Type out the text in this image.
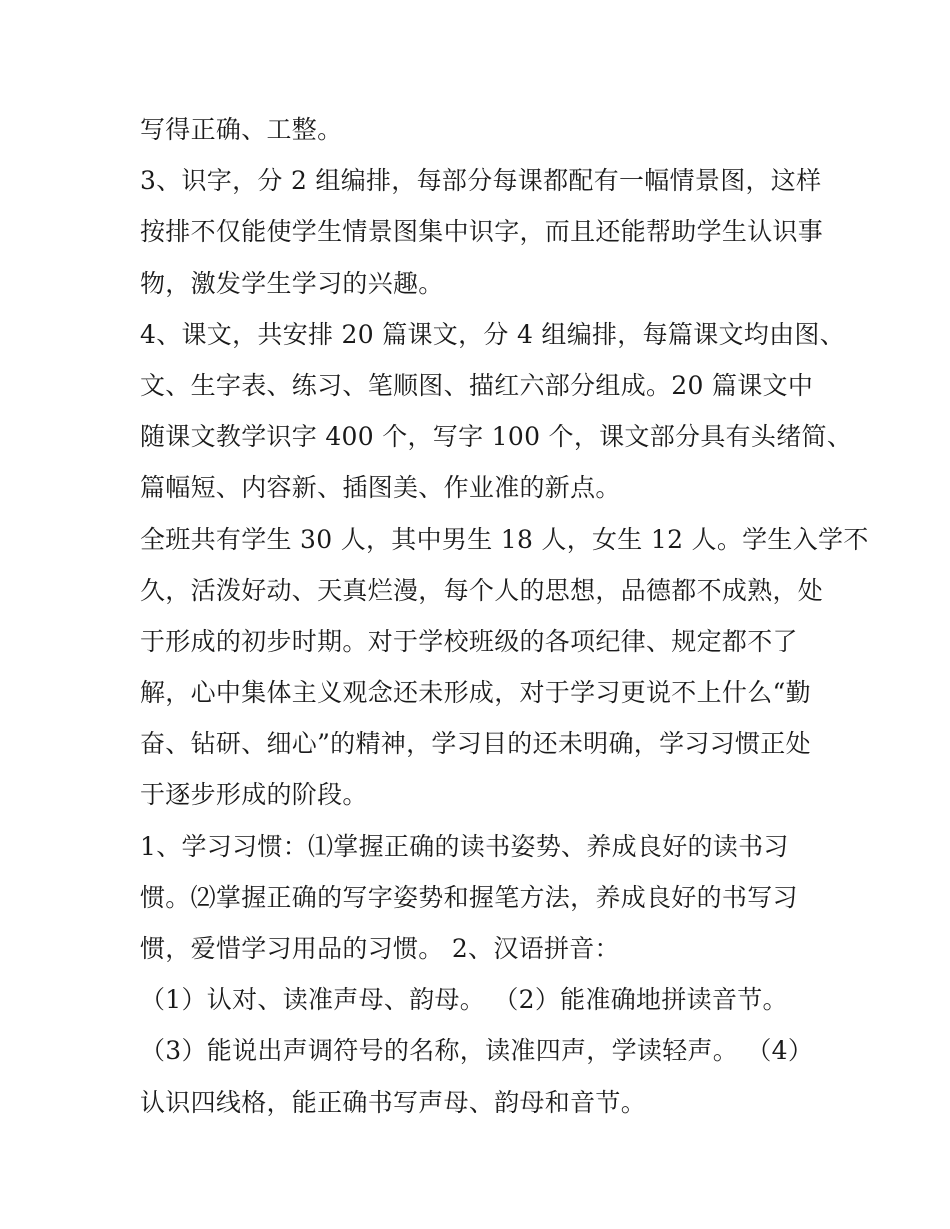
写得正确、工整。
3、识字，分 2 组编排，每部分每课都配有一幅情景图，这样
按排不仅能使学生情景图集中识字，而且还能帮助学生认识事
物，激发学生学习的兴趣。
4、课文，共安排 20 篇课文，分 4 组编排，每篇课文均由图、
文、生字表、练习、笔顺图、描红六部分组成。20 篇课文中
随课文教学识字 400 个，写字 100 个，课文部分具有头绪简、
篇幅短、内容新、插图美、作业准的新点。
全班共有学生 30 人，其中男生 18 人，女生 12 人。学生入学不
久，活泼好动、天真烂漫，每个人的思想，品德都不成熟，处
于形成的初步时期。对于学校班级的各项纪律、规定都不了
解，心中集体主义观念还未形成，对于学习更说不上什么“勤
奋、钻研、细心”的精神，学习目的还未明确，学习习惯正处
于逐步形成的阶段。
1、学习习惯：⑴掌握正确的读书姿势、养成良好的读书习
惯。⑵掌握正确的写字姿势和握笔方法，养成良好的书写习
惯，爱惜学习用品的习惯。 2、汉语拼音：
（1）认对、读准声母、韵母。 （2）能准确地拼读音节。
（3）能说出声调符号的名称，读准四声，学读轻声。 （4）
认识四线格，能正确书写声母、韵母和音节。
